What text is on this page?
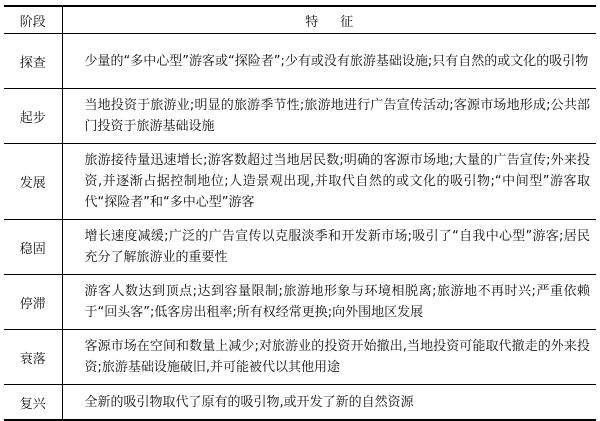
阶段	特征
探查	少量的“多中心型”游客或“探险者”;少有或没有旅游基础设施;只有自然的或文化的吸引物
起步	当地投资于旅游业;明显的旅游季节性;旅游地进行广告宣传活动;客源市场地形成;公共部门投资于旅游基础设施
发展	旅游接待量迅速增长;游客数超过当地居民数;明确的客源市场地;大量的广告宣传;外来投资,并逐渐占据控制地位;人造景观出现,并取代自然的或文化的吸引物;“中间型”游客取代“探险者”和“多中心型”游客
稳固	增长速度减缓;广泛的广告宣传以克服淡季和开发新市场;吸引了“自我中心型”游客;居民充分了解旅游业的重要性
停滞	游客人数达到顶点;达到容量限制;旅游地形象与环境相脱离;旅游地不再时兴;严重依赖于“回头客”;低客房出租率;所有权经常更换;向外围地区发展
衰落	客源市场在空间和数量上减少;对旅游业的投资开始撤出,当地投资可能取代撤走的外来投资;旅游基础设施破旧,并可能被代以其他用途
复兴	全新的吸引物取代了原有的吸引物,或开发了新的自然资源
